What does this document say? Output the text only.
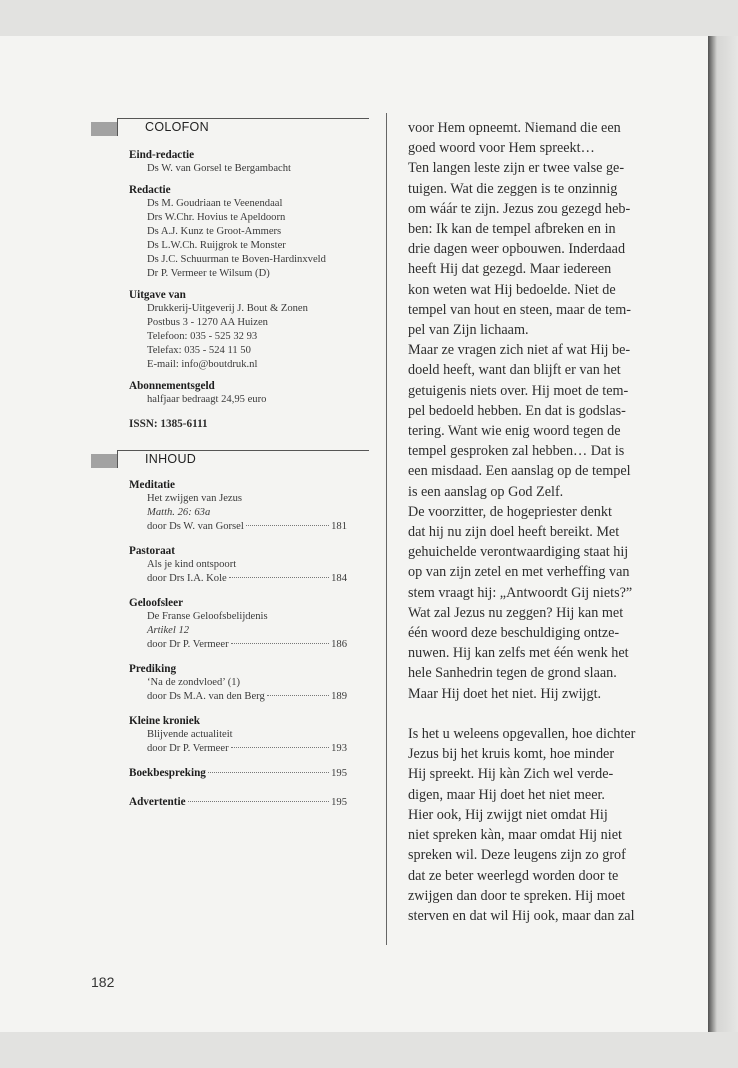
COLOFON
Eind-redactie
Ds W. van Gorsel te Bergambacht
Redactie
Ds M. Goudriaan te Veenendaal
Drs W.Chr. Hovius te Apeldoorn
Ds A.J. Kunz te Groot-Ammers
Ds L.W.Ch. Ruijgrok te Monster
Ds J.C. Schuurman te Boven-Hardinxveld
Dr P. Vermeer te Wilsum (D)
Uitgave van
Drukkerij-Uitgeverij J. Bout & Zonen
Postbus 3 - 1270 AA Huizen
Telefoon: 035 - 525 32 93
Telefax: 035 - 524 11 50
E-mail: info@boutdruk.nl
Abonnementsgeld
halfjaar bedraagt 24,95 euro
ISSN: 1385-6111
INHOUD
Meditatie
Het zwijgen van Jezus
Matth. 26: 63a
door Ds W. van Gorsel	181
Pastoraat
Als je kind ontspoort
door Drs I.A. Kole	184
Geloofsleer
De Franse Geloofsbelijdenis
Artikel 12
door Dr P. Vermeer	186
Prediking
‘Na de zondvloed’ (1)
door Ds M.A. van den Berg	189
Kleine kroniek
Blijvende actualiteit
door Dr P. Vermeer	193
Boekbespreking	195
Advertentie	195

voor Hem opneemt. Niemand die een

goed woord voor Hem spreekt…

Ten langen leste zijn er twee valse ge-

tuigen. Wat die zeggen is te onzinnig

om wáár te zijn. Jezus zou gezegd heb-

ben: Ik kan de tempel afbreken en in

drie dagen weer opbouwen. Inderdaad

heeft Hij dat gezegd. Maar iedereen

kon weten wat Hij bedoelde. Niet de

tempel van hout en steen, maar de tem-

pel van Zijn lichaam.

Maar ze vragen zich niet af wat Hij be-

doeld heeft, want dan blijft er van het

getuigenis niets over. Hij moet de tem-

pel bedoeld hebben. En dat is godslas-

tering. Want wie enig woord tegen de

tempel gesproken zal hebben… Dat is

een misdaad. Een aanslag op de tempel

is een aanslag op God Zelf.

De voorzitter, de hogepriester denkt

dat hij nu zijn doel heeft bereikt. Met

gehuichelde verontwaardiging staat hij

op van zijn zetel en met verheffing van

stem vraagt hij: „Antwoordt Gij niets?”

Wat zal Jezus nu zeggen? Hij kan met

één woord deze beschuldiging ontze-

nuwen. Hij kan zelfs met één wenk het

hele Sanhedrin tegen de grond slaan.

Maar Hij doet het niet. Hij zwijgt.

Is het u weleens opgevallen, hoe dichter

Jezus bij het kruis komt, hoe minder

Hij spreekt. Hij kàn Zich wel verde-

digen, maar Hij doet het niet meer.

Hier ook, Hij zwijgt niet omdat Hij

niet spreken kàn, maar omdat Hij niet

spreken wil. Deze leugens zijn zo grof

dat ze beter weerlegd worden door te

zwijgen dan door te spreken. Hij moet

sterven en dat wil Hij ook, maar dan zal

182
